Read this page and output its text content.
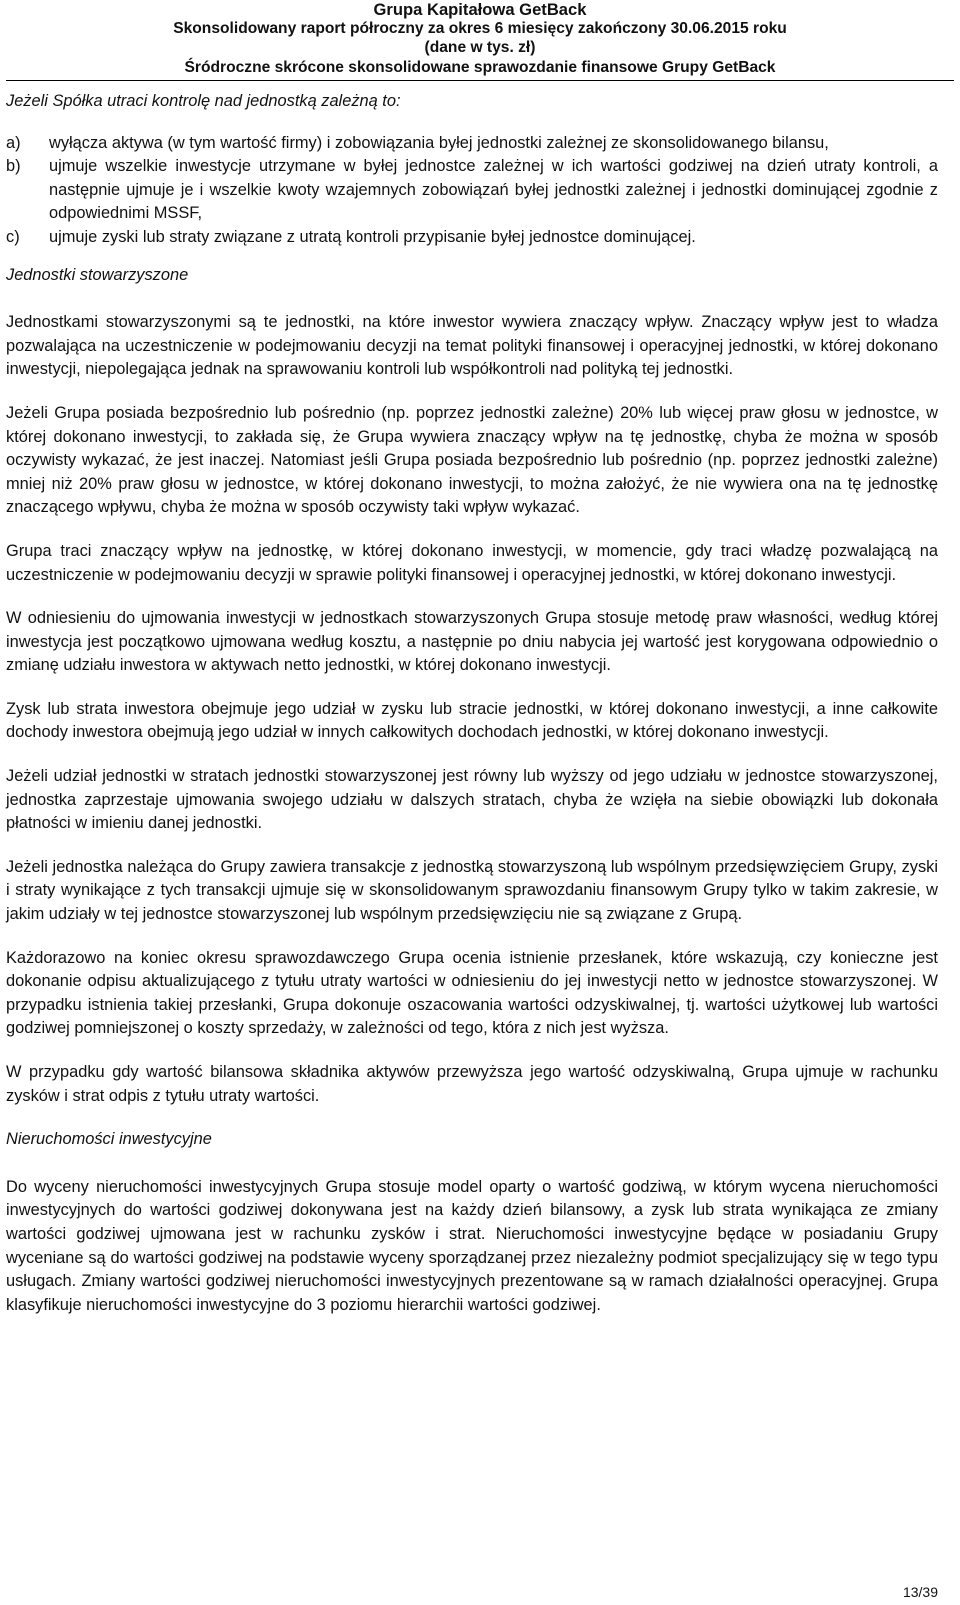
Grupa Kapitałowa GetBack
Skonsolidowany raport półroczny za okres 6 miesięcy zakończony 30.06.2015 roku
(dane w tys. zł)
Śródroczne skrócone skonsolidowane sprawozdanie finansowe Grupy GetBack

Jeżeli Spółka utraci kontrolę nad jednostką zależną to:

a)	wyłącza aktywa (w tym wartość firmy) i zobowiązania byłej jednostki zależnej ze skonsolidowanego bilansu,

b)	ujmuje wszelkie inwestycje utrzymane w byłej jednostce zależnej w ich wartości godziwej na dzień utraty kontroli, a następnie ujmuje je i wszelkie kwoty wzajemnych zobowiązań byłej jednostki zależnej i jednostki dominującej zgodnie z odpowiednimi MSSF,

c)	ujmuje zyski lub straty związane z utratą kontroli przypisanie byłej jednostce dominującej.

Jednostki stowarzyszone

Jednostkami stowarzyszonymi są te jednostki, na które inwestor wywiera znaczący wpływ. Znaczący wpływ jest to władza pozwalająca na uczestniczenie w podejmowaniu decyzji na temat polityki finansowej i operacyjnej jednostki, w której dokonano inwestycji, niepolegająca jednak na sprawowaniu kontroli lub współkontroli nad polityką tej jednostki.

Jeżeli Grupa posiada bezpośrednio lub pośrednio (np. poprzez jednostki zależne) 20% lub więcej praw głosu w jednostce, w której dokonano inwestycji, to zakłada się, że Grupa wywiera znaczący wpływ na tę jednostkę, chyba że można w sposób oczywisty wykazać, że jest inaczej. Natomiast jeśli Grupa posiada bezpośrednio lub pośrednio (np. poprzez jednostki zależne) mniej niż 20% praw głosu w jednostce, w której dokonano inwestycji, to można założyć, że nie wywiera ona na tę jednostkę znaczącego wpływu, chyba że można w sposób oczywisty taki wpływ wykazać.

Grupa traci znaczący wpływ na jednostkę, w której dokonano inwestycji, w momencie, gdy traci władzę pozwalającą na uczestniczenie w podejmowaniu decyzji w sprawie polityki finansowej i operacyjnej jednostki, w której dokonano inwestycji.

W odniesieniu do ujmowania inwestycji w jednostkach stowarzyszonych Grupa stosuje metodę praw własności, według której inwestycja jest początkowo ujmowana według kosztu, a następnie po dniu nabycia jej wartość jest korygowana odpowiednio o zmianę udziału inwestora w aktywach netto jednostki, w której dokonano inwestycji.

Zysk lub strata inwestora obejmuje jego udział w zysku lub stracie jednostki, w której dokonano inwestycji, a inne całkowite dochody inwestora obejmują jego udział w innych całkowitych dochodach jednostki, w której dokonano inwestycji.

Jeżeli udział jednostki w stratach jednostki stowarzyszonej jest równy lub wyższy od jego udziału w jednostce stowarzyszonej, jednostka zaprzestaje ujmowania swojego udziału w dalszych stratach, chyba że wzięła na siebie obowiązki lub dokonała płatności w imieniu danej jednostki.

Jeżeli jednostka należąca do Grupy zawiera transakcje z jednostką stowarzyszoną lub wspólnym przedsięwzięciem Grupy, zyski i straty wynikające z tych transakcji ujmuje się w skonsolidowanym sprawozdaniu finansowym Grupy tylko w takim zakresie, w jakim udziały w tej jednostce stowarzyszonej lub wspólnym przedsięwzięciu nie są związane z Grupą.

Każdorazowo na koniec okresu sprawozdawczego Grupa ocenia istnienie przesłanek, które wskazują, czy konieczne jest dokonanie odpisu aktualizującego z tytułu utraty wartości w odniesieniu do jej inwestycji netto w jednostce stowarzyszonej. W przypadku istnienia takiej przesłanki, Grupa dokonuje oszacowania wartości odzyskiwalnej, tj. wartości użytkowej lub wartości godziwej pomniejszonej o koszty sprzedaży, w zależności od tego, która z nich jest wyższa.

W przypadku gdy wartość bilansowa składnika aktywów przewyższa jego wartość odzyskiwalną, Grupa ujmuje w rachunku zysków i strat odpis z tytułu utraty wartości.

Nieruchomości inwestycyjne

Do wyceny nieruchomości inwestycyjnych Grupa stosuje model oparty o wartość godziwą, w którym wycena nieruchomości inwestycyjnych do wartości godziwej dokonywana jest na każdy dzień bilansowy, a zysk lub strata wynikająca ze zmiany wartości godziwej ujmowana jest w rachunku zysków i strat. Nieruchomości inwestycyjne będące w posiadaniu Grupy wyceniane są do wartości godziwej na podstawie wyceny sporządzanej przez niezależny podmiot specjalizujący się w tego typu usługach. Zmiany wartości godziwej nieruchomości inwestycyjnych prezentowane są w ramach działalności operacyjnej. Grupa klasyfikuje nieruchomości inwestycyjne do 3 poziomu hierarchii wartości godziwej.

13/39
